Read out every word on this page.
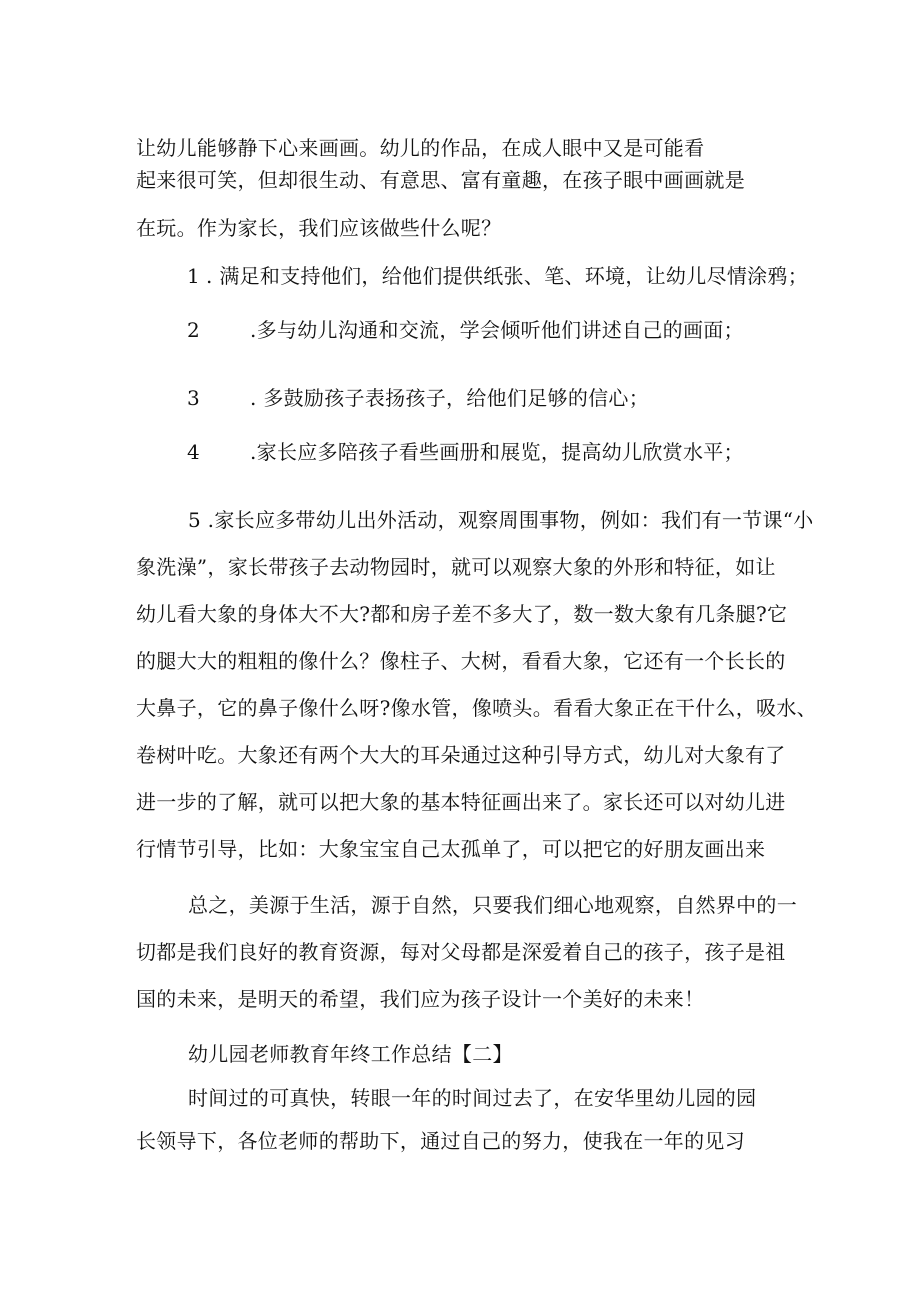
让幼儿能够静下心来画画。幼儿的作品，在成人眼中又是可能看
起来很可笑，但却很生动、有意思、富有童趣，在孩子眼中画画就是
在玩。作为家长，我们应该做些什么呢？
1 . 满足和支持他们，给他们提供纸张、笔、环境，让幼儿尽情涂鸦；
2	.多与幼儿沟通和交流，学会倾听他们讲述自己的画面；
3	. 多鼓励孩子表扬孩子，给他们足够的信心；
4	.家长应多陪孩子看些画册和展览，提高幼儿欣赏水平；
5 .家长应多带幼儿出外活动，观察周围事物，例如：我们有一节课“小
象洗澡”，家长带孩子去动物园时，就可以观察大象的外形和特征，如让
幼儿看大象的身体大不大?都和房子差不多大了，数一数大象有几条腿?它
的腿大大的粗粗的像什么？像柱子、大树，看看大象，它还有一个长长的
大鼻子，它的鼻子像什么呀?像水管，像喷头。看看大象正在干什么，吸水、
卷树叶吃。大象还有两个大大的耳朵通过这种引导方式，幼儿对大象有了
进一步的了解，就可以把大象的基本特征画出来了。家长还可以对幼儿进
行情节引导，比如：大象宝宝自己太孤单了，可以把它的好朋友画出来
总之，美源于生活，源于自然，只要我们细心地观察，自然界中的一
切都是我们良好的教育资源，每对父母都是深爱着自己的孩子，孩子是祖
国的未来，是明天的希望，我们应为孩子设计一个美好的未来！
幼儿园老师教育年终工作总结【二】
时间过的可真快，转眼一年的时间过去了，在安华里幼儿园的园
长领导下，各位老师的帮助下，通过自己的努力，使我在一年的见习
